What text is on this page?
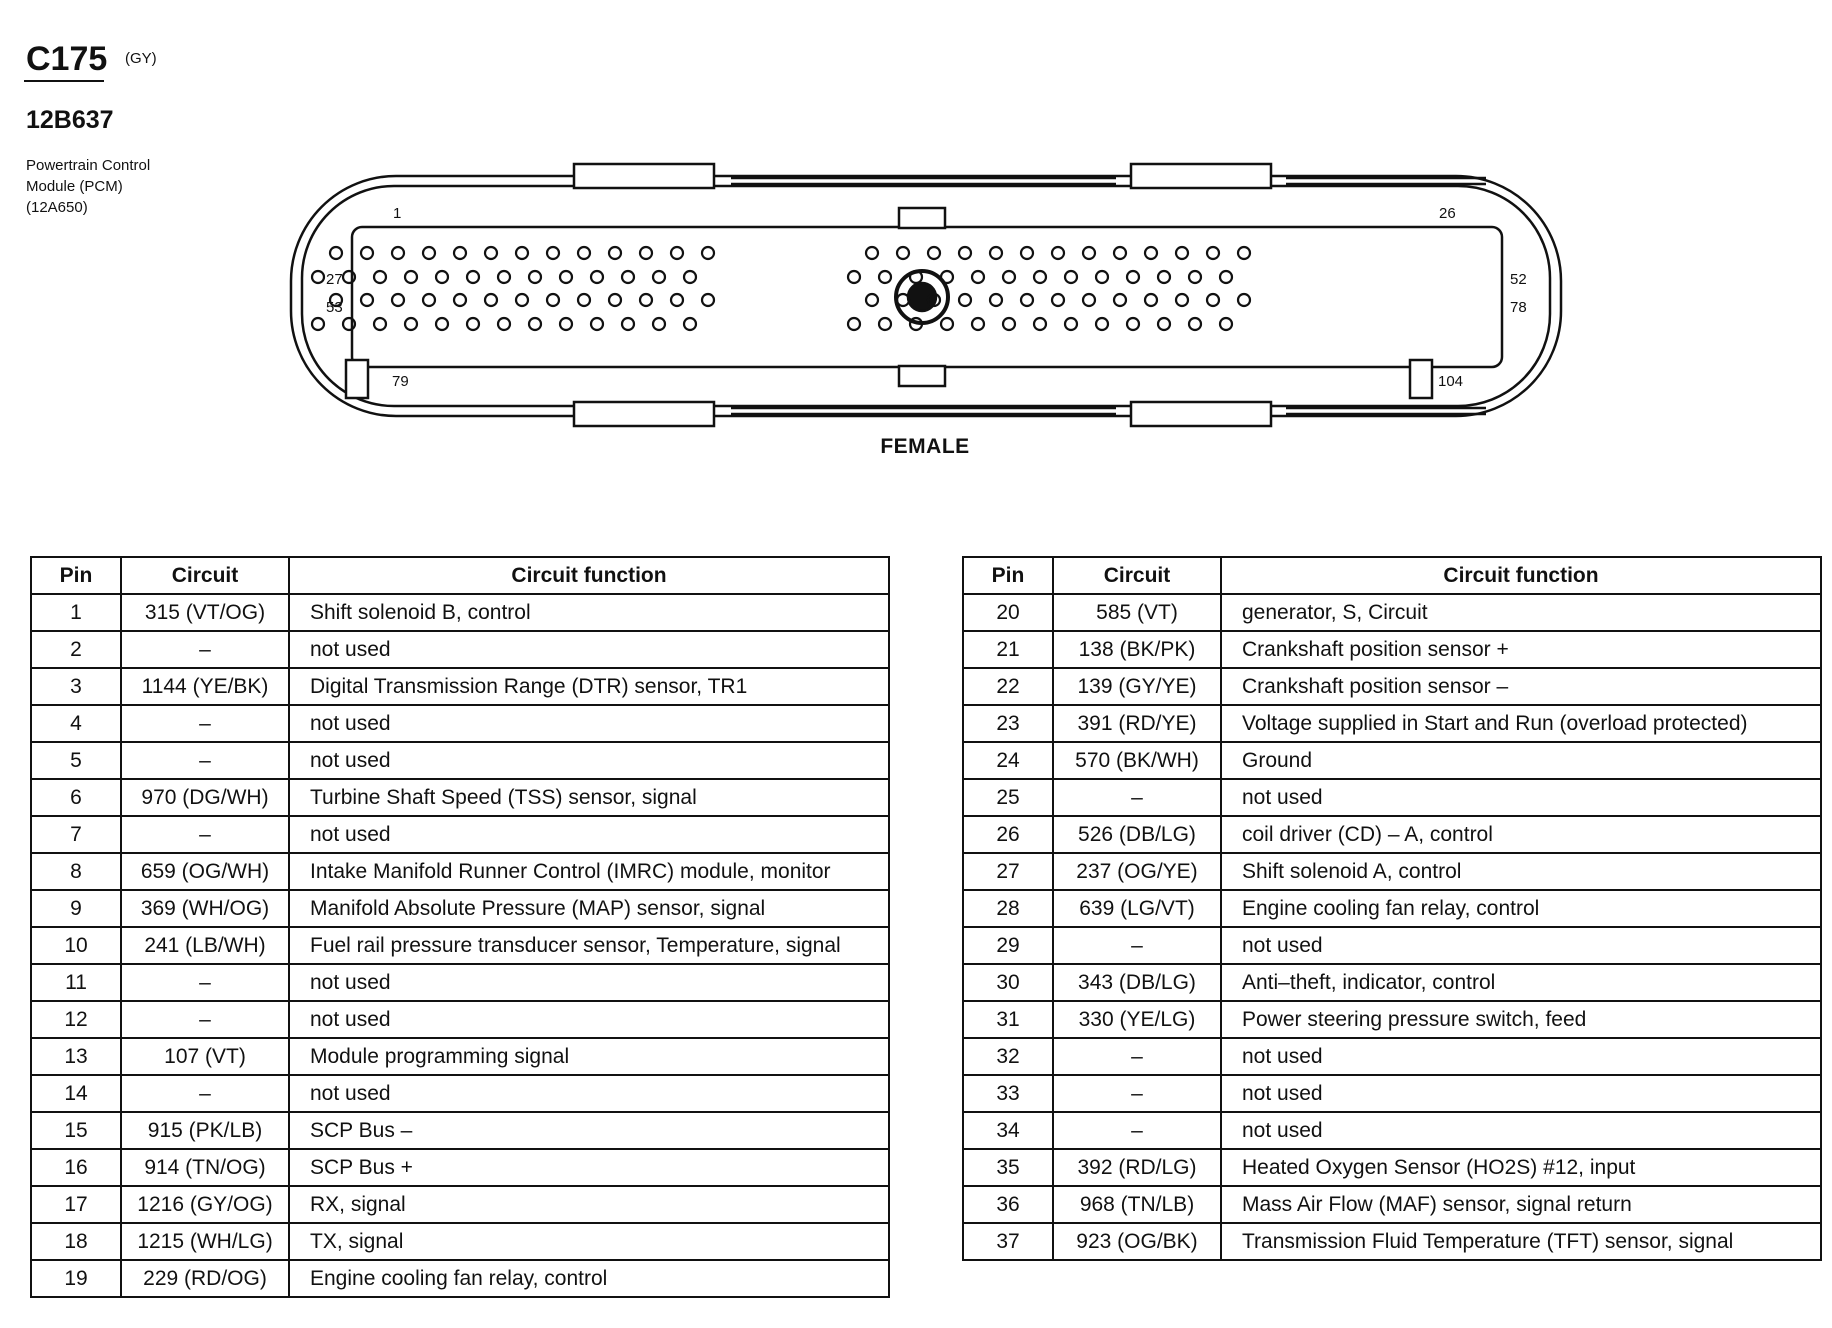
C175 (GY)
12B637
Powertrain Control
Module (PCM)
(12A650)	1	26
27	52
53	78
79	104
FEMALE
Pin	Circuit	Circuit function
1	315 (VT/OG)	Shift solenoid B, control
2	–	not used
3	1144 (YE/BK)	Digital Transmission Range (DTR) sensor, TR1
4	–	not used
5	–	not used
6	970 (DG/WH)	Turbine Shaft Speed (TSS) sensor, signal
7	–	not used
8	659 (OG/WH)	Intake Manifold Runner Control (IMRC) module, monitor
9	369 (WH/OG)	Manifold Absolute Pressure (MAP) sensor, signal
10	241 (LB/WH)	Fuel rail pressure transducer sensor, Temperature, signal
11	–	not used
12	–	not used
13	107 (VT)	Module programming signal
14	–	not used
15	915 (PK/LB)	SCP Bus –
16	914 (TN/OG)	SCP Bus +
17	1216 (GY/OG)	RX, signal
18	1215 (WH/LG)	TX, signal
19	229 (RD/OG)	Engine cooling fan relay, control
Pin	Circuit	Circuit function
20	585 (VT)	generator, S, Circuit
21	138 (BK/PK)	Crankshaft position sensor +
22	139 (GY/YE)	Crankshaft position sensor –
23	391 (RD/YE)	Voltage supplied in Start and Run (overload protected)
24	570 (BK/WH)	Ground
25	–	not used
26	526 (DB/LG)	coil driver (CD) – A, control
27	237 (OG/YE)	Shift solenoid A, control
28	639 (LG/VT)	Engine cooling fan relay, control
29	–	not used
30	343 (DB/LG)	Anti–theft, indicator, control
31	330 (YE/LG)	Power steering pressure switch, feed
32	–	not used
33	–	not used
34	–	not used
35	392 (RD/LG)	Heated Oxygen Sensor (HO2S) #12, input
36	968 (TN/LB)	Mass Air Flow (MAF) sensor, signal return
37	923 (OG/BK)	Transmission Fluid Temperature (TFT) sensor, signal
